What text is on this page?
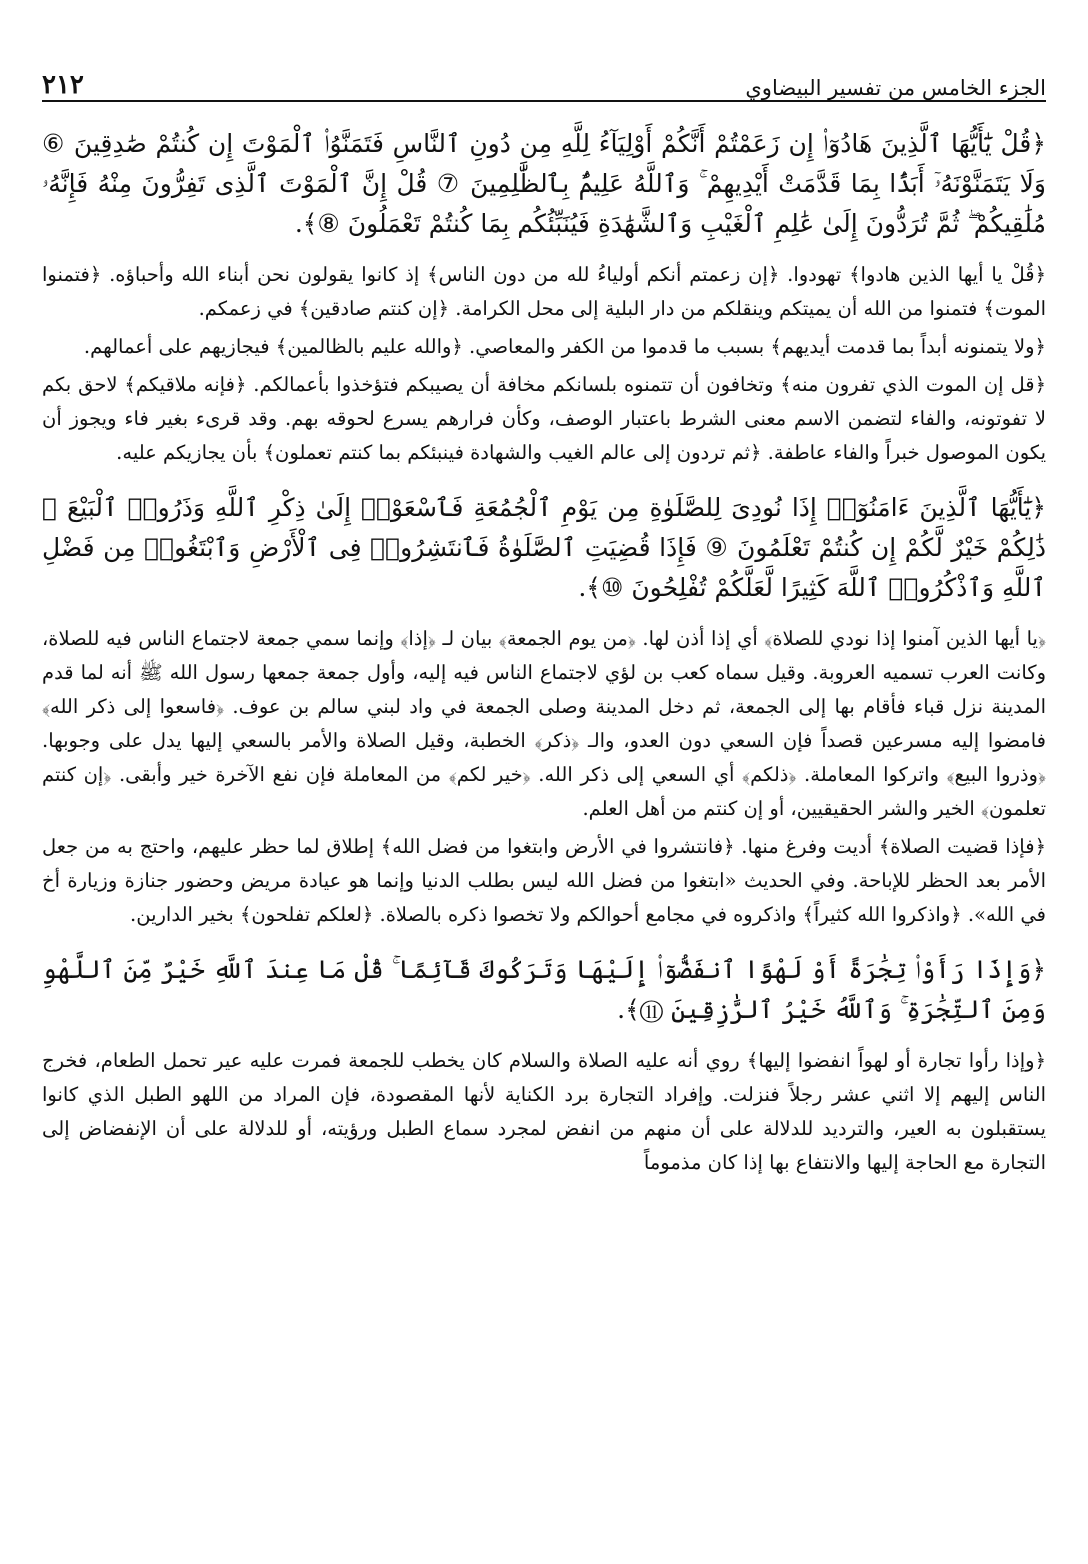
الجزء الخامس من تفسير البيضاوي
٢١٢

﴿قُلْ يَٰٓأَيُّهَا ٱلَّذِينَ هَادُوٓا۟ إِن زَعَمْتُمْ أَنَّكُمْ أَوْلِيَآءُ لِلَّهِ مِن دُونِ ٱلنَّاسِ فَتَمَنَّوُا۟ ٱلْمَوْتَ إِن كُنتُمْ صَٰدِقِينَ ⑥ وَلَا يَتَمَنَّوْنَهُۥٓ أَبَدًۢا بِمَا قَدَّمَتْ أَيْدِيهِمْ ۚ وَٱللَّهُ عَلِيمٌۢ بِٱلظَّٰلِمِينَ ⑦ قُلْ إِنَّ ٱلْمَوْتَ ٱلَّذِى تَفِرُّونَ مِنْهُ فَإِنَّهُۥ مُلَٰقِيكُمْ ۖ ثُمَّ تُرَدُّونَ إِلَىٰ عَٰلِمِ ٱلْغَيْبِ وَٱلشَّهَٰدَةِ فَيُنَبِّئُكُم بِمَا كُنتُمْ تَعْمَلُونَ ⑧﴾.

﴿قُلْ يا أيها الذين هادوا﴾ تهودوا. ﴿إن زعمتم أنكم أولياءُ لله من دون الناس﴾ إذ كانوا يقولون نحن أبناء الله وأحباؤه. ﴿فتمنوا الموت﴾ فتمنوا من الله أن يميتكم وينقلكم من دار البلية إلى محل الكرامة. ﴿إن كنتم صادقين﴾ في زعمكم.

﴿ولا يتمنونه أبداً بما قدمت أيديهم﴾ بسبب ما قدموا من الكفر والمعاصي. ﴿والله عليم بالظالمين﴾ فيجازيهم على أعمالهم.

﴿قل إن الموت الذي تفرون منه﴾ وتخافون أن تتمنوه بلسانكم مخافة أن يصيبكم فتؤخذوا بأعمالكم. ﴿فإنه ملاقيكم﴾ لاحق بكم لا تفوتونه، والفاء لتضمن الاسم معنى الشرط باعتبار الوصف، وكأن فرارهم يسرع لحوقه بهم. وقد قرىء بغير فاء ويجوز أن يكون الموصول خبراً والفاء عاطفة. ﴿ثم تردون إلى عالم الغيب والشهادة فينبئكم بما كنتم تعملون﴾ بأن يجازيكم عليه.

﴿يَٰٓأَيُّهَا ٱلَّذِينَ ءَامَنُوٓا۟ إِذَا نُودِىَ لِلصَّلَوٰةِ مِن يَوْمِ ٱلْجُمُعَةِ فَٱسْعَوْا۟ إِلَىٰ ذِكْرِ ٱللَّهِ وَذَرُوا۟ ٱلْبَيْعَ ۚ ذَٰلِكُمْ خَيْرٌ لَّكُمْ إِن كُنتُمْ تَعْلَمُونَ ⑨ فَإِذَا قُضِيَتِ ٱلصَّلَوٰةُ فَٱنتَشِرُوا۟ فِى ٱلْأَرْضِ وَٱبْتَغُوا۟ مِن فَضْلِ ٱللَّهِ وَٱذْكُرُوا۟ ٱللَّهَ كَثِيرًا لَّعَلَّكُمْ تُفْلِحُونَ ⑩﴾.

﴿يا أيها الذين آمنوا إذا نودي للصلاة﴾ أي إذا أذن لها. ﴿من يوم الجمعة﴾ بيان لـ ﴿إذا﴾ وإنما سمي جمعة لاجتماع الناس فيه للصلاة، وكانت العرب تسميه العروبة. وقيل سماه كعب بن لؤي لاجتماع الناس فيه إليه، وأول جمعة جمعها رسول الله ﷺ أنه لما قدم المدينة نزل قباء فأقام بها إلى الجمعة، ثم دخل المدينة وصلى الجمعة في واد لبني سالم بن عوف. ﴿فاسعوا إلى ذكر الله﴾ فامضوا إليه مسرعين قصداً فإن السعي دون العدو، والـ ﴿ذكر﴾ الخطبة، وقيل الصلاة والأمر بالسعي إليها يدل على وجوبها. ﴿وذروا البيع﴾ واتركوا المعاملة. ﴿ذلكم﴾ أي السعي إلى ذكر الله. ﴿خير لكم﴾ من المعاملة فإن نفع الآخرة خير وأبقى. ﴿إن كنتم تعلمون﴾ الخير والشر الحقيقيين، أو إن كنتم من أهل العلم.

﴿فإذا قضيت الصلاة﴾ أديت وفرغ منها. ﴿فانتشروا في الأرض وابتغوا من فضل الله﴾ إطلاق لما حظر عليهم، واحتج به من جعل الأمر بعد الحظر للإباحة. وفي الحديث «ابتغوا من فضل الله ليس بطلب الدنيا وإنما هو عيادة مريض وحضور جنازة وزيارة أخ في الله». ﴿واذكروا الله كثيراً﴾ واذكروه في مجامع أحوالكم ولا تخصوا ذكره بالصلاة. ﴿لعلكم تفلحون﴾ بخير الدارين.

﴿وَإِذَا رَأَوْا۟ تِجَٰرَةً أَوْ لَهْوًا ٱنفَضُّوٓا۟ إِلَيْهَا وَتَرَكُوكَ قَآئِمًا ۚ قُلْ مَا عِندَ ٱللَّهِ خَيْرٌ مِّنَ ٱللَّهْوِ وَمِنَ ٱلتِّجَٰرَةِ ۚ وَٱللَّهُ خَيْرُ ٱلرَّٰزِقِينَ ⑪﴾.

﴿وإذا رأوا تجارة أو لهواً انفضوا إليها﴾ روي أنه عليه الصلاة والسلام كان يخطب للجمعة فمرت عليه عير تحمل الطعام، فخرج الناس إليهم إلا اثني عشر رجلاً فنزلت. وإفراد التجارة برد الكناية لأنها المقصودة، فإن المراد من اللهو الطبل الذي كانوا يستقبلون به العير، والترديد للدلالة على أن منهم من انفض لمجرد سماع الطبل ورؤيته، أو للدلالة على أن الإنفضاض إلى التجارة مع الحاجة إليها والانتفاع بها إذا كان مذموماً
